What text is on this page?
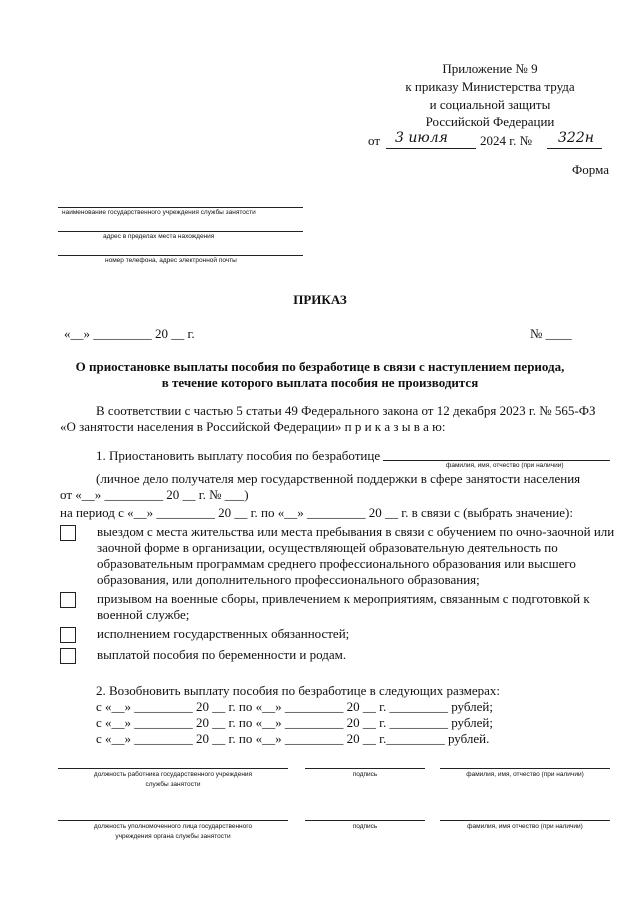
Приложение № 9
к приказу Министерства труда
и социальной защиты
Российской Федерации
от 3 июля 2024 г. № 322н
Форма
наименование государственного учреждения службы занятости
адрес в пределах места нахождения
номер телефона, адрес электронной почты
ПРИКАЗ
«__» _________ 20 __ г.	№ ____
О приостановке выплаты пособия по безработице в связи с наступлением периода,
в течение которого выплата пособия не производится
В соответствии с частью 5 статьи 49 Федерального закона от 12 декабря 2023 г. № 565-ФЗ
«О занятости населения в Российской Федерации» п р и к а з ы в а ю:
1. Приостановить выплату пособия по безработице
фамилия, имя, отчество (при наличии)
(личное дело получателя мер государственной поддержки в сфере занятости населения
от «__» _________ 20 __ г. № ___)
на период с «__» _________ 20 __ г. по «__» _________ 20 __ г. в связи с (выбрать значение):
выездом с места жительства или места пребывания в связи с обучением по очно-заочной или
заочной форме в организации, осуществляющей образовательную деятельность по
образовательным программам среднего профессионального образования или высшего
образования, или дополнительного профессионального образования;
призывом на военные сборы, привлечением к мероприятиям, связанным с подготовкой к
военной службе;
исполнением государственных обязанностей;
выплатой пособия по беременности и родам.
2. Возобновить выплату пособия по безработице в следующих размерах:
с «__» _________ 20 __ г. по «__» _________ 20 __ г. _________ рублей;
с «__» _________ 20 __ г. по «__» _________ 20 __ г. _________ рублей;
с «__» _________ 20 __ г. по «__» _________ 20 __ г._________ рублей.
должность работника государственного учреждения
службы занятости
подпись	фамилия, имя, отчество (при наличии)
должность уполномоченного лица государственного
учреждения органа службы занятости
подпись	фамилия, имя отчество (при наличии)
